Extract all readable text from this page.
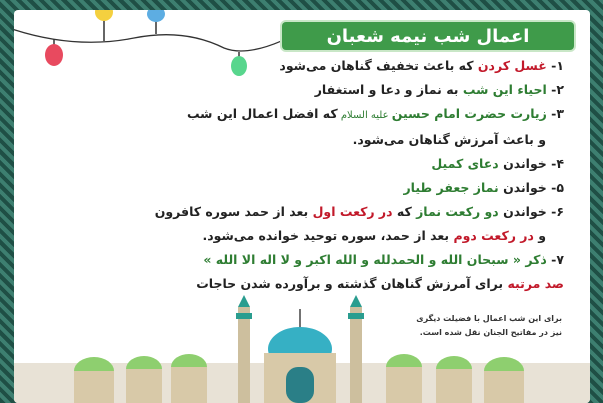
اعمال شب نیمه شعبان
۱- غسل کردن که باعث تخفیف گناهان می‌شود
۲- احیاء این شب به نماز و دعا و استغفار
۳- زیارت حضرت امام حسین علیه السلام که افضل اعمال این شب
و باعث آمرزش گناهان می‌شود.
۴- خواندن دعای کمیل
۵- خواندن نماز جعفر طیار
۶- خواندن دو رکعت نماز که در رکعت اول بعد از حمد سوره کافرون
و در رکعت دوم بعد از حمد، سوره توحید خوانده می‌شود.
۷- ذکر « سبحان الله و الحمدلله و الله اکبر و لا اله الا الله »
صد مرتبه برای آمرزش گناهان گذشته و برآورده شدن حاجات
برای این شب اعمال با فضیلت دیگری
نیز در مفاتیح الجنان نقل شده است.
